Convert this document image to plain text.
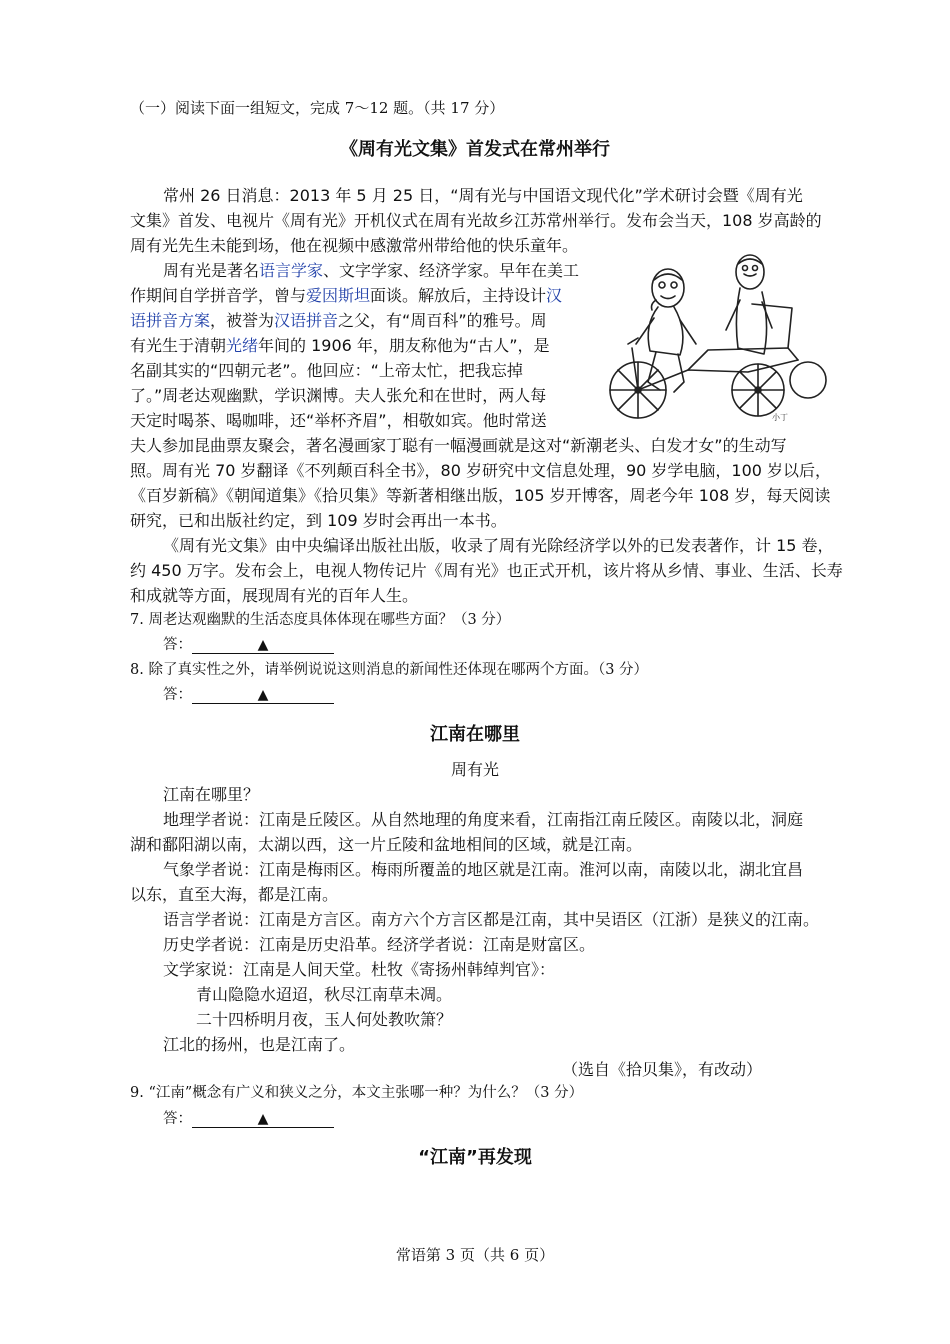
（一）阅读下面一组短文，完成 7～12 题。（共 17 分）
《周有光文集》首发式在常州举行
常州 26 日消息：2013 年 5 月 25 日，“周有光与中国语文现代化”学术研讨会暨《周有光
文集》首发、电视片《周有光》开机仪式在周有光故乡江苏常州举行。发布会当天，108 岁高龄的
周有光先生未能到场，他在视频中感激常州带给他的快乐童年。
周有光是著名语言学家、文字学家、经济学家。早年在美工
作期间自学拼音学，曾与爱因斯坦面谈。解放后，主持设计汉
语拼音方案，被誉为汉语拼音之父，有“周百科”的雅号。周
有光生于清朝光绪年间的 1906 年，朋友称他为“古人”，是
名副其实的“四朝元老”。他回应：“上帝太忙，把我忘掉
了。”周老达观幽默，学识渊博。夫人张允和在世时，两人每
天定时喝茶、喝咖啡，还“举杯齐眉”，相敬如宾。他时常送
夫人参加昆曲票友聚会，著名漫画家丁聪有一幅漫画就是这对“新潮老头、白发才女”的生动写
照。周有光 70 岁翻译《不列颠百科全书》，80 岁研究中文信息处理，90 岁学电脑，100 岁以后，
《百岁新稿》《朝闻道集》《拾贝集》等新著相继出版，105 岁开博客，周老今年 108 岁，每天阅读
研究，已和出版社约定，到 109 岁时会再出一本书。
《周有光文集》由中央编译出版社出版，收录了周有光除经济学以外的已发表著作，计 15 卷，
约 450 万字。发布会上，电视人物传记片《周有光》也正式开机，该片将从乡情、事业、生活、长寿
和成就等方面，展现周有光的百年人生。
小丁
7. 周老达观幽默的生活态度具体体现在哪些方面？（3 分）
答：	▲
8. 除了真实性之外，请举例说说这则消息的新闻性还体现在哪两个方面。（3 分）
答：	▲
江南在哪里
周有光
江南在哪里？
地理学者说：江南是丘陵区。从自然地理的角度来看，江南指江南丘陵区。南陵以北，洞庭
湖和鄱阳湖以南，太湖以西，这一片丘陵和盆地相间的区域，就是江南。
气象学者说：江南是梅雨区。梅雨所覆盖的地区就是江南。淮河以南，南陵以北，湖北宜昌
以东，直至大海，都是江南。
语言学者说：江南是方言区。南方六个方言区都是江南，其中吴语区（江浙）是狭义的江南。
历史学者说：江南是历史沿革。经济学者说：江南是财富区。
文学家说：江南是人间天堂。杜牧《寄扬州韩绰判官》：
青山隐隐水迢迢，秋尽江南草未凋。
二十四桥明月夜，玉人何处教吹箫？
江北的扬州，也是江南了。
（选自《拾贝集》，有改动）
9. “江南”概念有广义和狭义之分，本文主张哪一种？为什么？（3 分）
答：	▲
“江南”再发现
常语第 3 页（共 6 页）
